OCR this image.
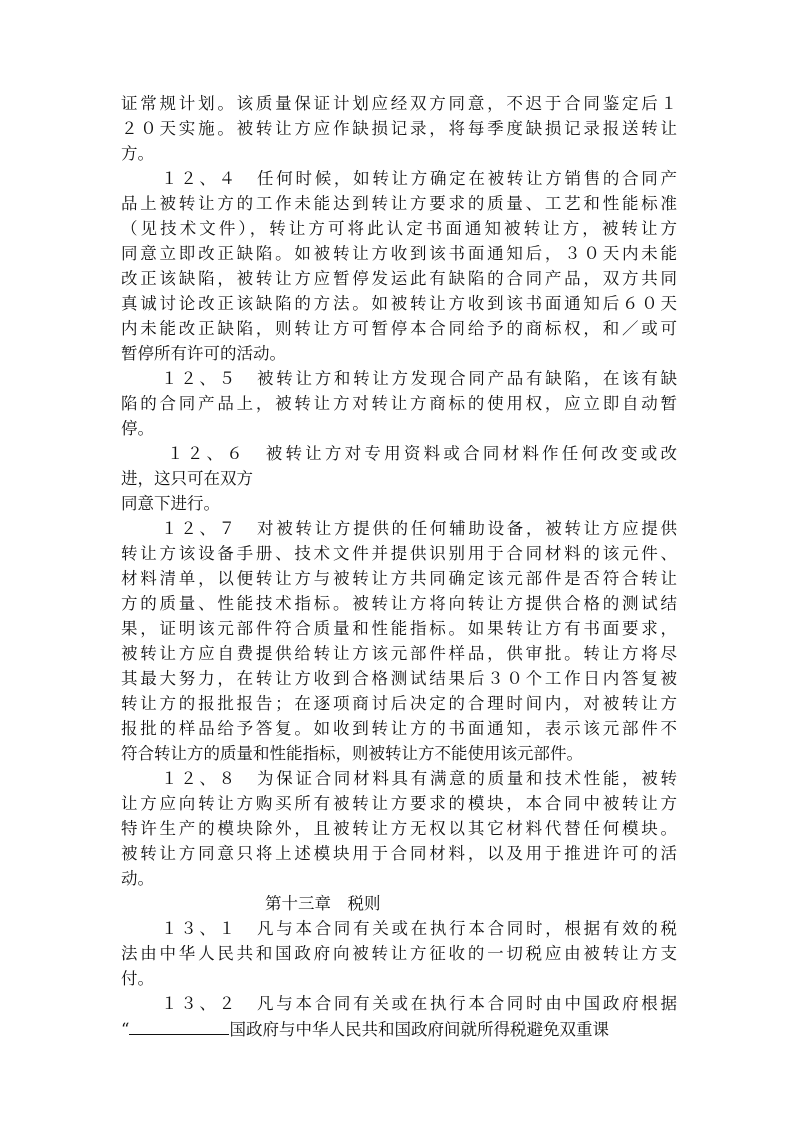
证常规计划。该质量保证计划应经双方同意，不迟于合同鉴定后１
２０天实施。被转让方应作缺损记录，将每季度缺损记录报送转让
方。
１２、４　任何时候，如转让方确定在被转让方销售的合同产
品上被转让方的工作未能达到转让方要求的质量、工艺和性能标准
（见技术文件），转让方可将此认定书面通知被转让方，被转让方
同意立即改正缺陷。如被转让方收到该书面通知后，３０天内未能
改正该缺陷，被转让方应暂停发运此有缺陷的合同产品，双方共同
真诚讨论改正该缺陷的方法。如被转让方收到该书面通知后６０天
内未能改正缺陷，则转让方可暂停本合同给予的商标权，和／或可
暂停所有许可的活动。
１２、５　被转让方和转让方发现合同产品有缺陷，在该有缺
陷的合同产品上，被转让方对转让方商标的使用权，应立即自动暂
停。
１２、６　被转让方对专用资料或合同材料作任何改变或改
进，这只可在双方
同意下进行。
１２、７　对被转让方提供的任何辅助设备，被转让方应提供
转让方该设备手册、技术文件并提供识别用于合同材料的该元件、
材料清单，以便转让方与被转让方共同确定该元部件是否符合转让
方的质量、性能技术指标。被转让方将向转让方提供合格的测试结
果，证明该元部件符合质量和性能指标。如果转让方有书面要求，
被转让方应自费提供给转让方该元部件样品，供审批。转让方将尽
其最大努力，在转让方收到合格测试结果后３０个工作日内答复被
转让方的报批报告；在逐项商讨后决定的合理时间内，对被转让方
报批的样品给予答复。如收到转让方的书面通知，表示该元部件不
符合转让方的质量和性能指标，则被转让方不能使用该元部件。
１２、８　为保证合同材料具有满意的质量和技术性能，被转
让方应向转让方购买所有被转让方要求的模块，本合同中被转让方
特许生产的模块除外，且被转让方无权以其它材料代替任何模块。
被转让方同意只将上述模块用于合同材料，以及用于推进许可的活
动。
第十三章　税则
１３、１　凡与本合同有关或在执行本合同时，根据有效的税
法由中华人民共和国政府向被转让方征收的一切税应由被转让方支
付。
１３、２　凡与本合同有关或在执行本合同时由中国政府根据
“	国政府与中华人民共和国政府间就所得税避免双重课
